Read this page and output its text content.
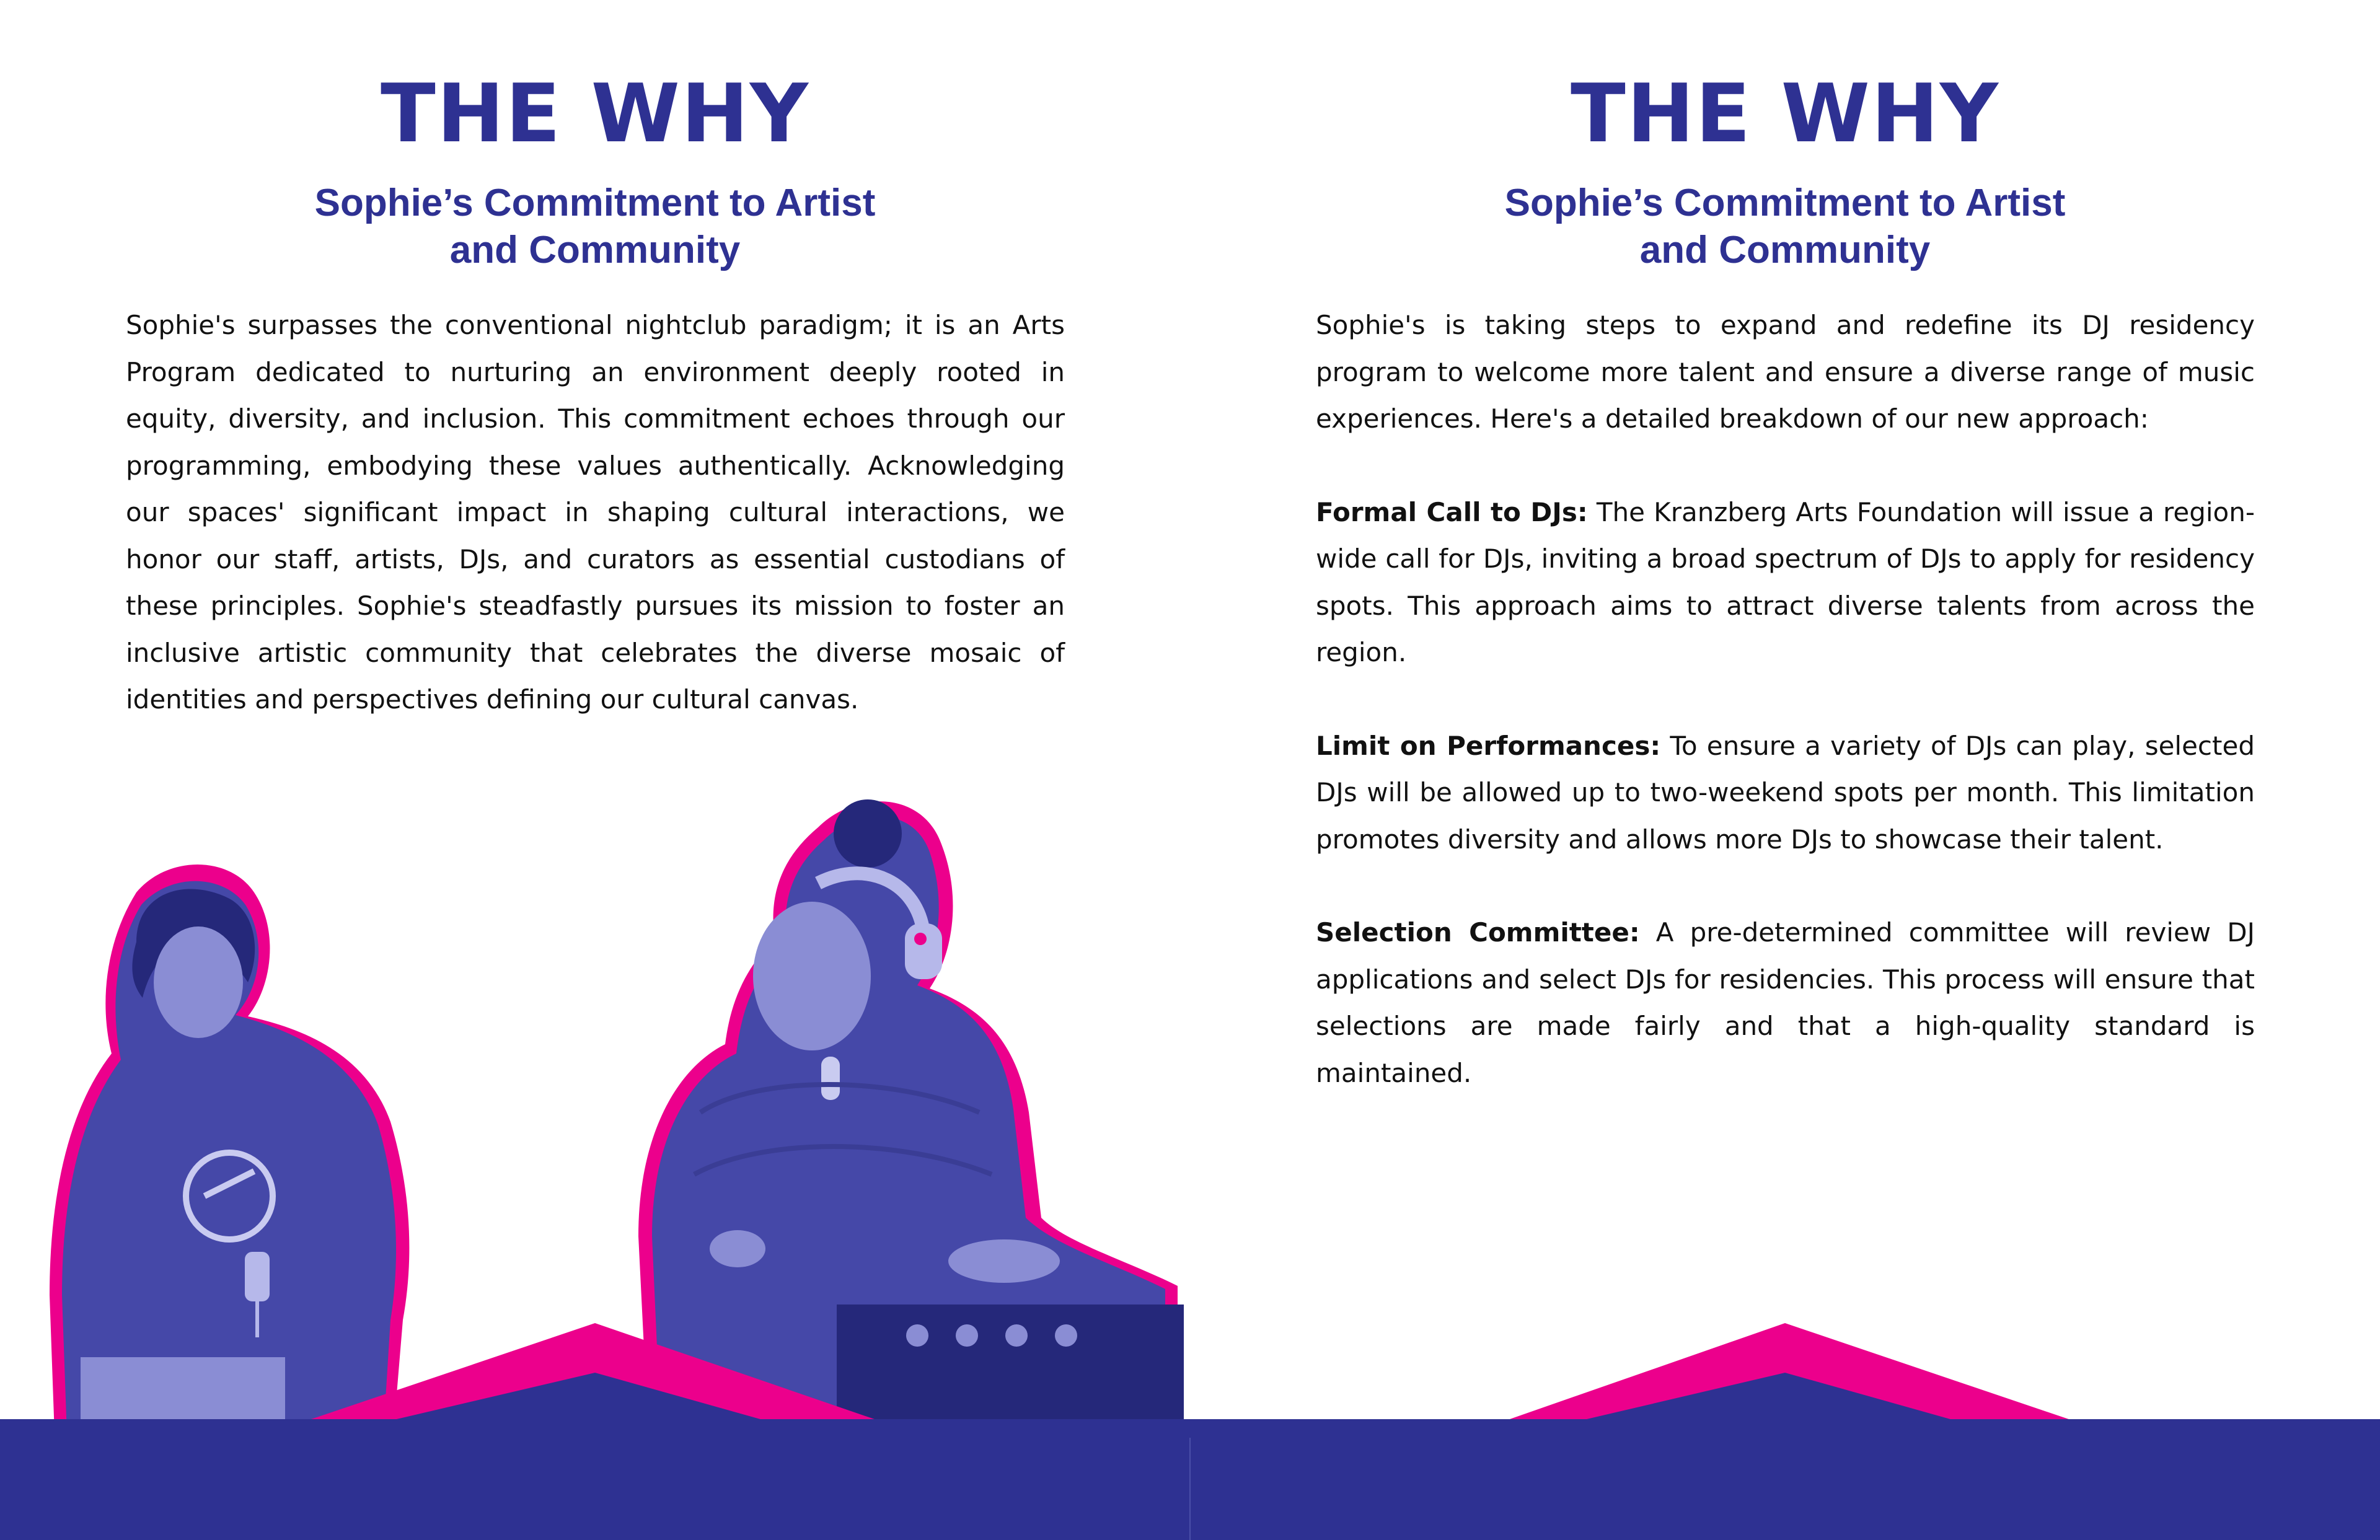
THE WHY
Sophie’s Commitment to Artist
and Community

Sophie's surpasses the conventional nightclub paradigm; it is an Arts Program dedicated to nurturing an environment deeply rooted in equity, diversity, and inclusion. This commitment echoes through our programming, embodying these values authentically. Acknowledging our spaces' significant impact in shaping cultural interactions, we honor our staff, artists, DJs, and curators as essential custodians of these principles. Sophie's steadfastly pursues its mission to foster an inclusive artistic community that celebrates the diverse mosaic of identities and perspectives defining our cultural canvas.

THE WHY
Sophie’s Commitment to Artist
and Community

Sophie's is taking steps to expand and redefine its DJ residency program to welcome more talent and ensure a diverse range of music experiences. Here's a detailed breakdown of our new approach:

Formal Call to DJs: The Kranzberg Arts Foundation will issue a region-wide call for DJs, inviting a broad spectrum of DJs to apply for residency spots. This approach aims to attract diverse talents from across the region.

Limit on Performances: To ensure a variety of DJs can play, selected DJs will be allowed up to two-weekend spots per month. This limitation promotes diversity and allows more DJs to showcase their talent.

Selection Committee: A pre-determined committee will review DJ applications and select DJs for residencies. This process will ensure that selections are made fairly and that a high-quality standard is maintained.
